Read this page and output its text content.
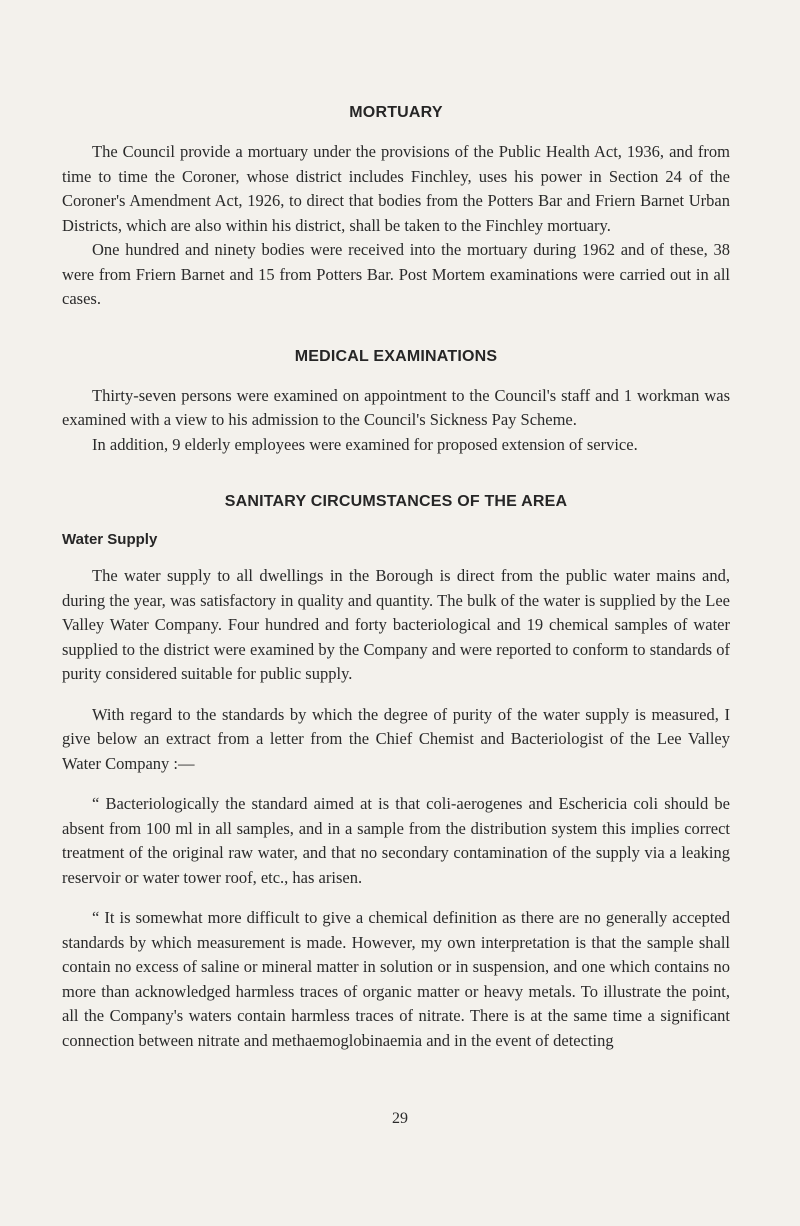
MORTUARY

The Council provide a mortuary under the provisions of the Public Health Act, 1936, and from time to time the Coroner, whose district includes Finchley, uses his power in Section 24 of the Coroner's Amendment Act, 1926, to direct that bodies from the Potters Bar and Friern Barnet Urban Districts, which are also within his district, shall be taken to the Finchley mortuary.

One hundred and ninety bodies were received into the mortuary during 1962 and of these, 38 were from Friern Barnet and 15 from Potters Bar. Post Mortem examinations were carried out in all cases.

MEDICAL EXAMINATIONS

Thirty-seven persons were examined on appointment to the Council's staff and 1 workman was examined with a view to his admission to the Council's Sickness Pay Scheme.

In addition, 9 elderly employees were examined for proposed extension of service.

SANITARY CIRCUMSTANCES OF THE AREA
Water Supply

The water supply to all dwellings in the Borough is direct from the public water mains and, during the year, was satisfactory in quality and quantity. The bulk of the water is supplied by the Lee Valley Water Company. Four hundred and forty bacteriological and 19 chemical samples of water supplied to the district were examined by the Company and were reported to conform to standards of purity considered suitable for public supply.

With regard to the standards by which the degree of purity of the water supply is measured, I give below an extract from a letter from the Chief Chemist and Bacteriologist of the Lee Valley Water Company :—

“ Bacteriologically the standard aimed at is that coli-aerogenes and Eschericia coli should be absent from 100 ml in all samples, and in a sample from the distribution system this implies correct treatment of the original raw water, and that no secondary contamination of the supply via a leaking reservoir or water tower roof, etc., has arisen.

“ It is somewhat more difficult to give a chemical definition as there are no generally accepted standards by which measurement is made. However, my own interpretation is that the sample shall contain no excess of saline or mineral matter in solution or in suspension, and one which contains no more than acknowledged harmless traces of organic matter or heavy metals. To illustrate the point, all the Company's waters contain harmless traces of nitrate. There is at the same time a significant connection between nitrate and methaemoglobinaemia and in the event of detecting

29
